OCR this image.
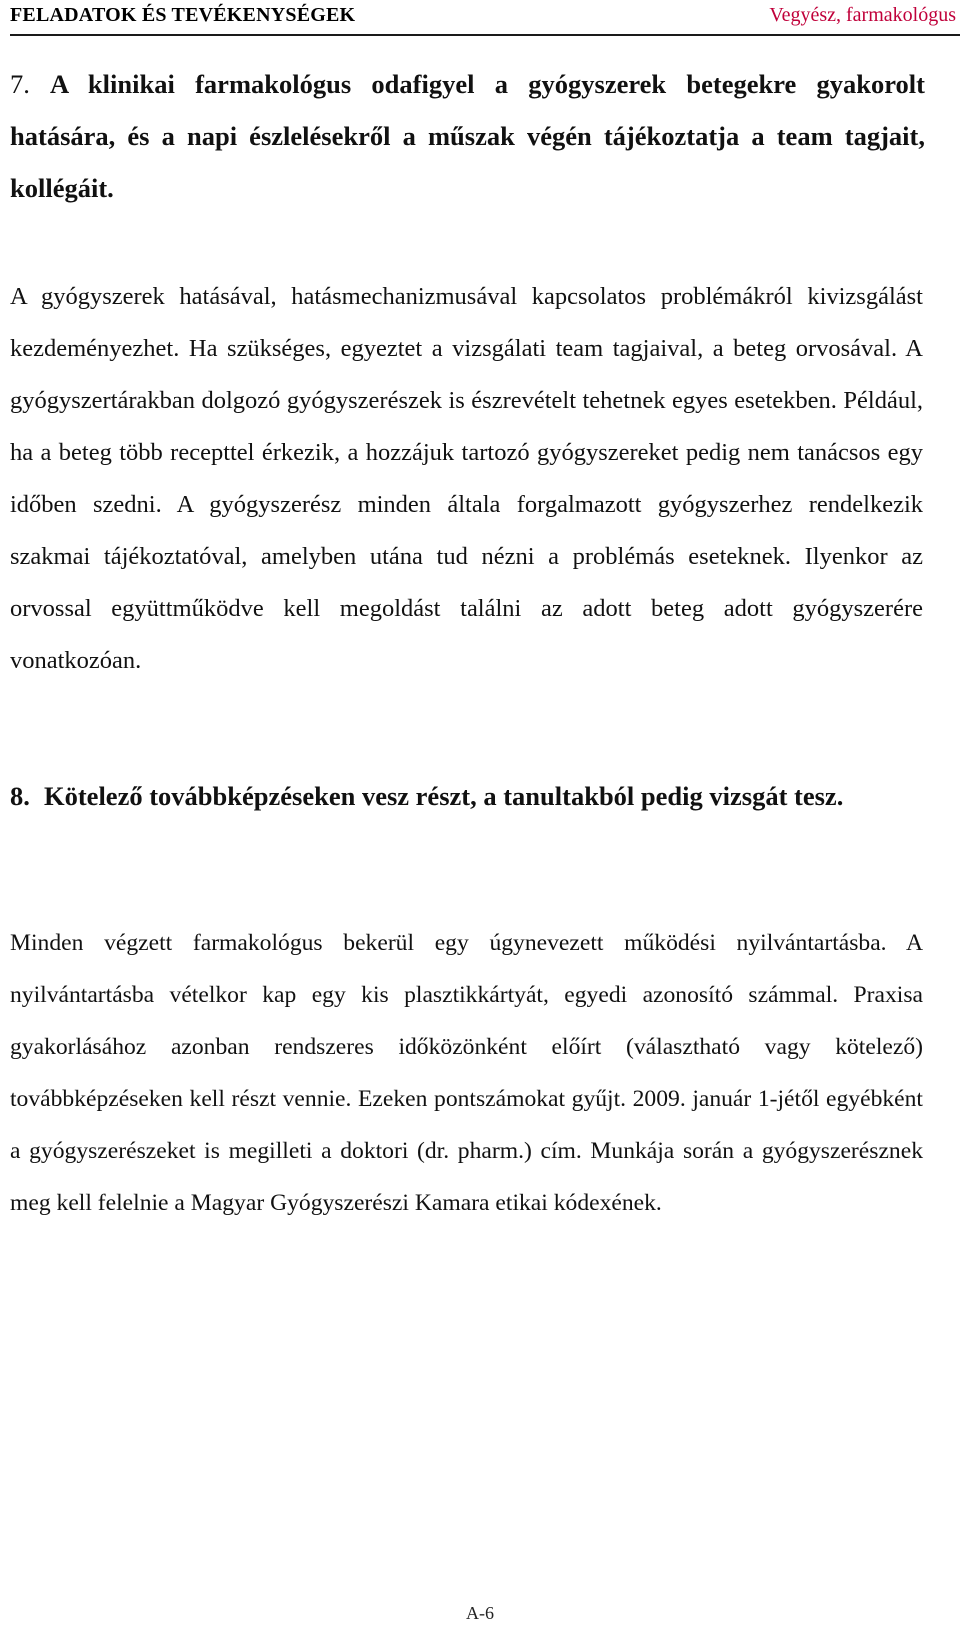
FELADATOK ÉS TEVÉKENYSÉGEK	Vegyész, farmakológus
7. A klinikai farmakológus odafigyel a gyógyszerek betegekre gyakorolt hatására, és a napi észlelésekről a műszak végén tájékoztatja a team tagjait, kollégáit.
A gyógyszerek hatásával, hatásmechanizmusával kapcsolatos problémákról kivizsgálást kezdeményezhet. Ha szükséges, egyeztet a vizsgálati team tagjaival, a beteg orvosával. A gyógyszertárakban dolgozó gyógyszerészek is észrevételt tehetnek egyes esetekben. Például, ha a beteg több recepttel érkezik, a hozzájuk tartozó gyógyszereket pedig nem tanácsos egy időben szedni. A gyógyszerész minden általa forgalmazott gyógyszerhez rendelkezik szakmai tájékoztatóval, amelyben utána tud nézni a problémás eseteknek. Ilyenkor az orvossal együttműködve kell megoldást találni az adott beteg adott gyógyszerére vonatkozóan.
8. Kötelező továbbképzéseken vesz részt, a tanultakból pedig vizsgát tesz.
Minden végzett farmakológus bekerül egy úgynevezett működési nyilvántartásba. A nyilvántartásba vételkor kap egy kis plasztikkártyát, egyedi azonosító számmal. Praxisa gyakorlásához azonban rendszeres időközönként előírt (választható vagy kötelező) továbbképzéseken kell részt vennie. Ezeken pontszámokat gyűjt. 2009. január 1-jétől egyébként a gyógyszerészeket is megilleti a doktori (dr. pharm.) cím. Munkája során a gyógyszerésznek meg kell felelnie a Magyar Gyógyszerészi Kamara etikai kódexének.
A-6
